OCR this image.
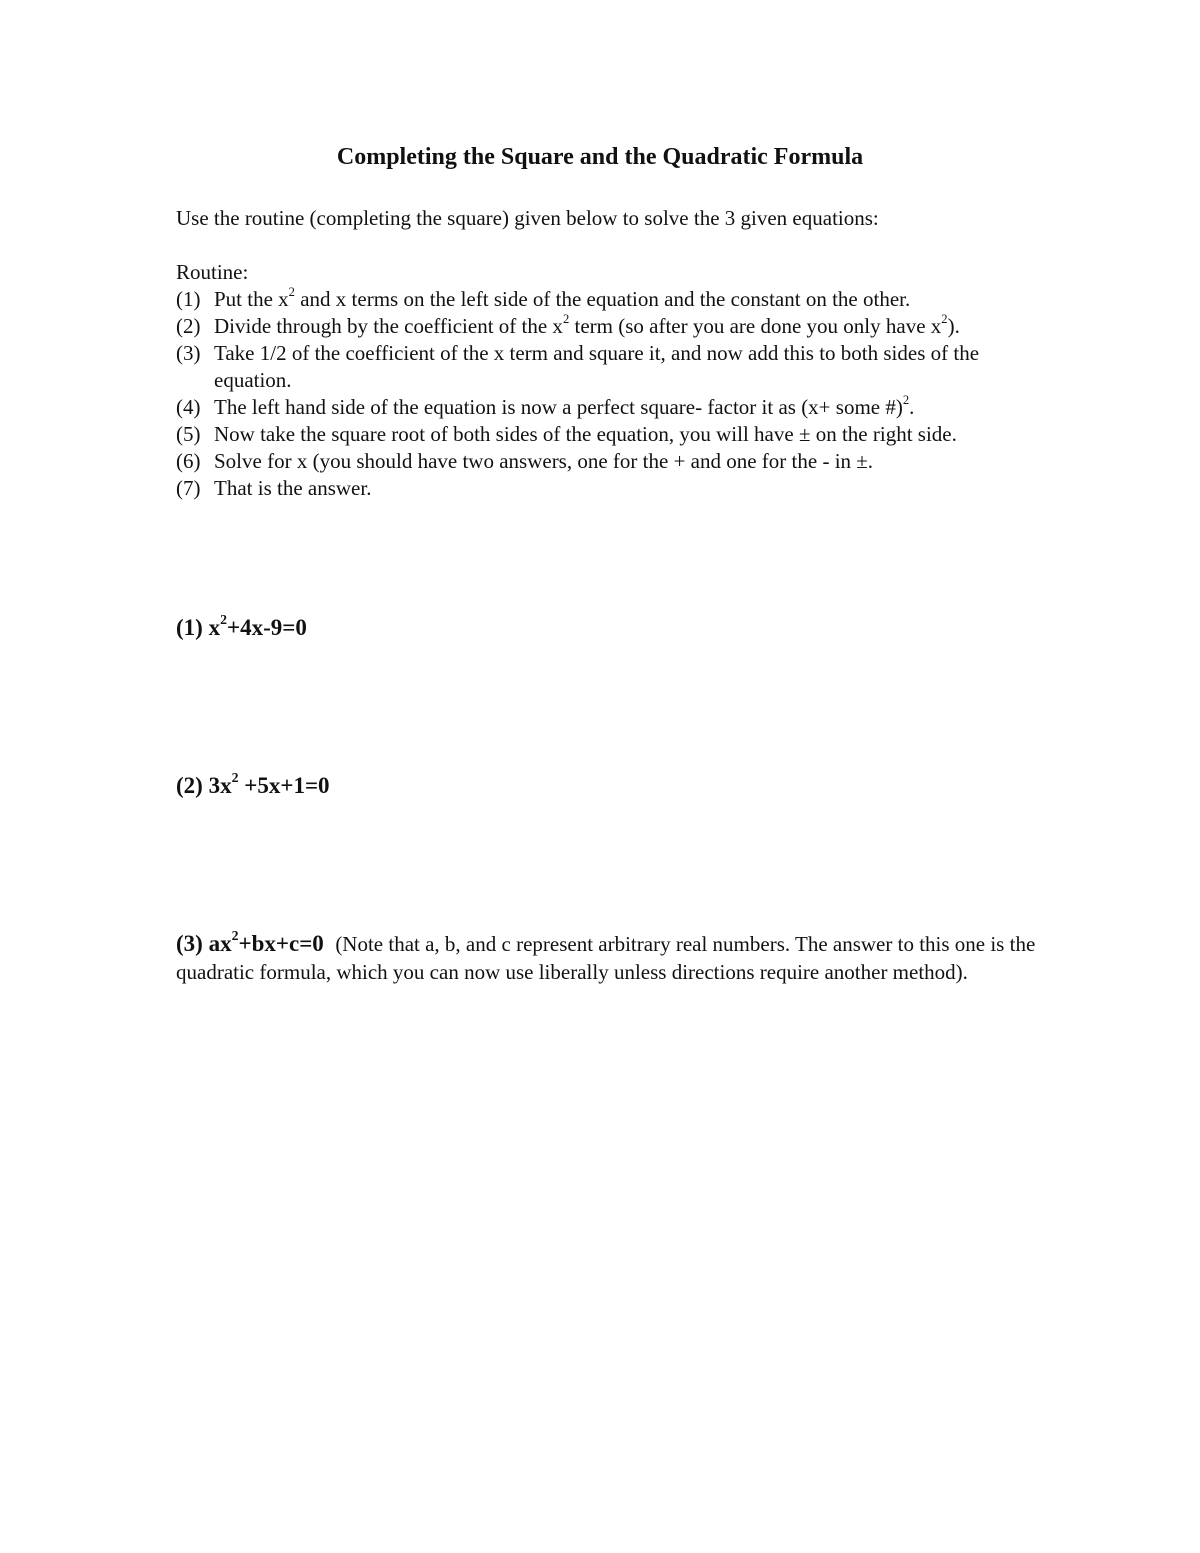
Completing the Square and the Quadratic Formula
Use the routine (completing the square) given below to solve the 3 given equations:
Routine:
(1) Put the $x^2$ and x terms on the left side of the equation and the constant on the other.
(2) Divide through by the coefficient of the $x^2$ term (so after you are done you only have $x^2$).
(3) Take 1/2 of the coefficient of the x term and square it, and now add this to both sides of the equation.
(4) The left hand side of the equation is now a perfect square- factor it as (x+ some #)$^2$.
(5) Now take the square root of both sides of the equation, you will have ± on the right side.
(6) Solve for x (you should have two answers, one for the + and one for the - in ±.
(7) That is the answer.
(1) $x^2+4x-9=0$
(2) $3x^2 +5x+1=0$
(3) $ax^2+bx+c=0$ (Note that a, b, and c represent arbitrary real numbers. The answer to this one is the quadratic formula, which you can now use liberally unless directions require another method).
